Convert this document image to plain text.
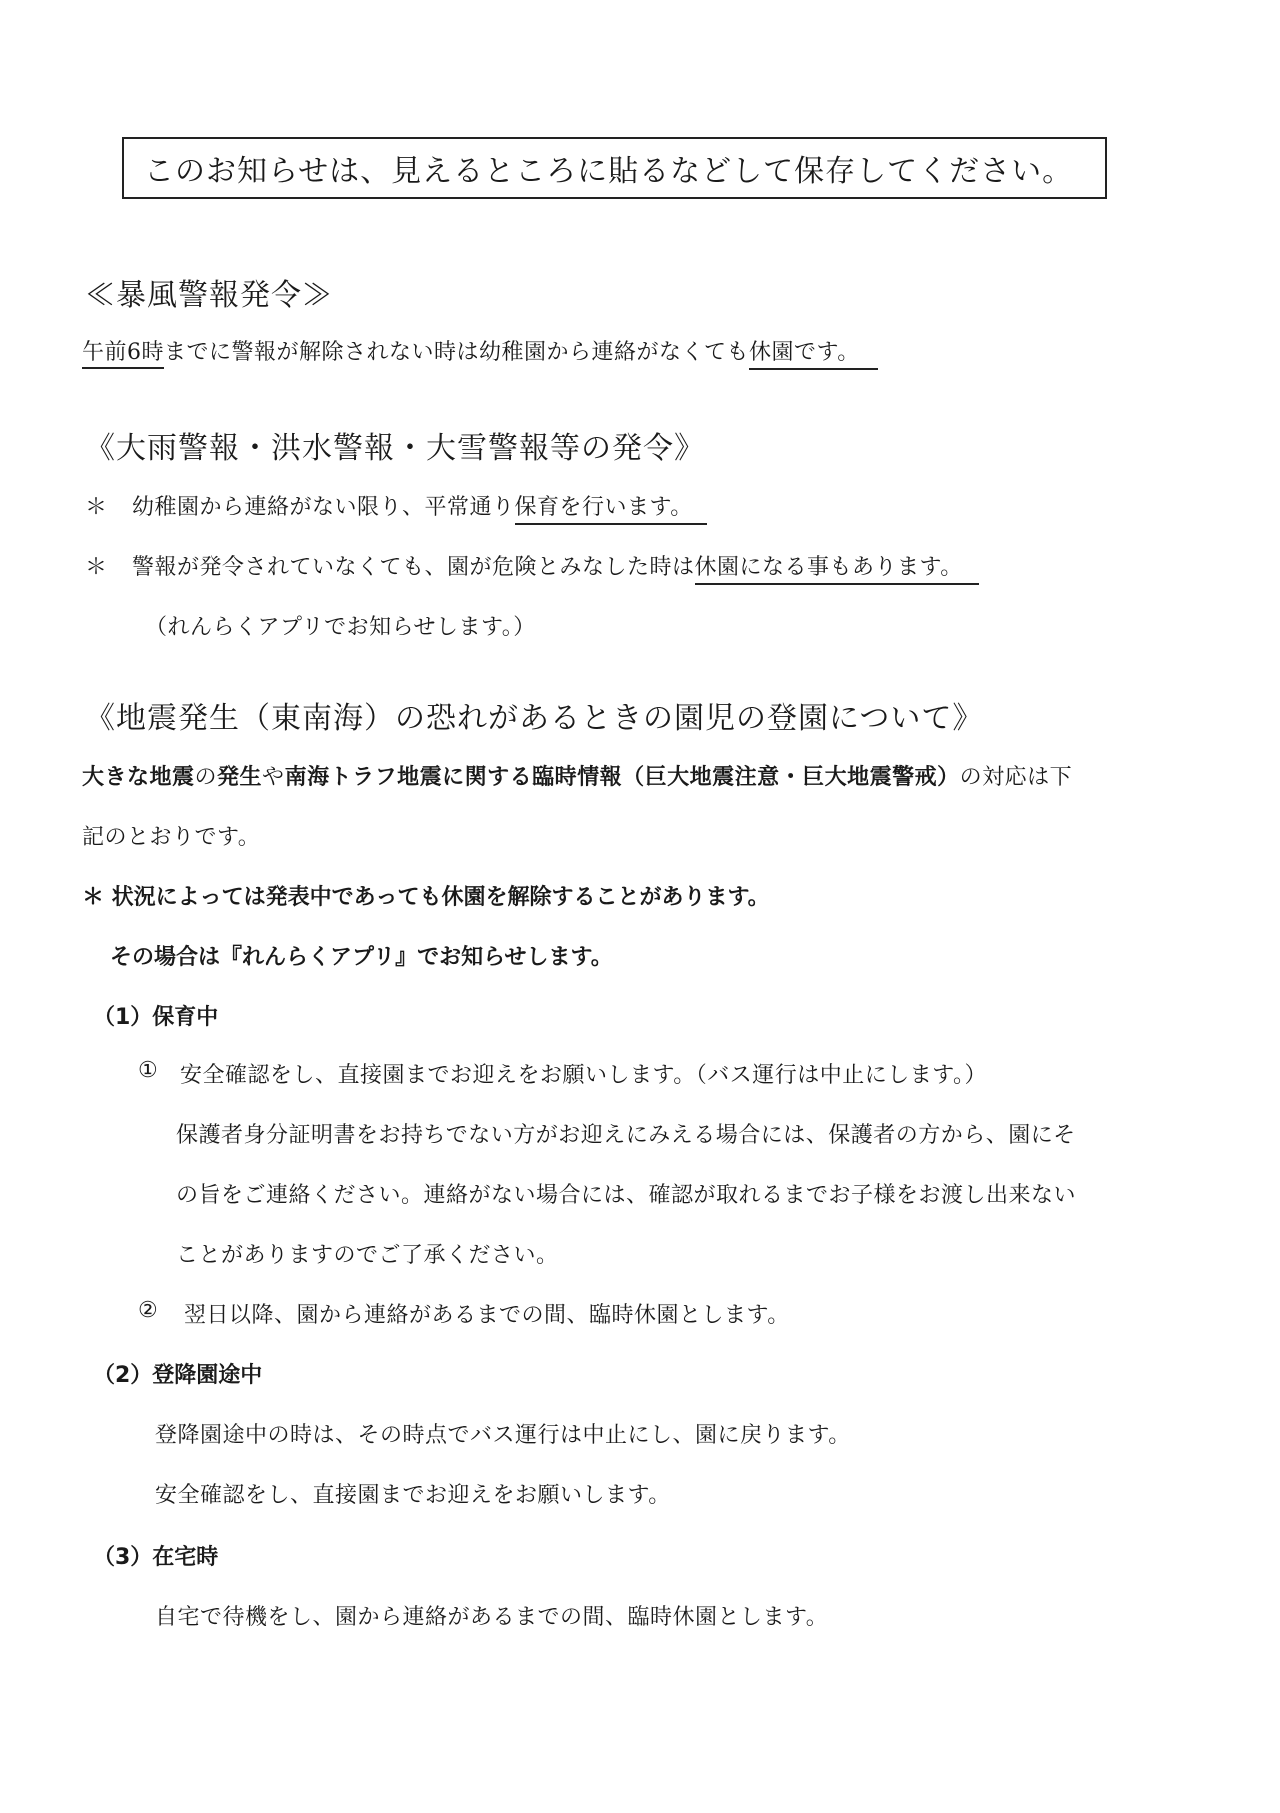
このお知らせは、見えるところに貼るなどして保存してください。
≪暴風警報発令≫
午前6時までに警報が解除されない時は幼稚園から連絡がなくても休園です。
《大雨警報・洪水警報・大雪警報等の発令》
＊ 幼稚園から連絡がない限り、平常通り保育を行います。
＊ 警報が発令されていなくても、園が危険とみなした時は休園になる事もあります。
（れんらくアプリでお知らせします。）
《地震発生（東南海）の恐れがあるときの園児の登園について》
大きな地震の発生や南海トラフ地震に関する臨時情報（巨大地震注意・巨大地震警戒）の対応は下
記のとおりです。
＊ 状況によっては発表中であっても休園を解除することがあります。
その場合は『れんらくアプリ』でお知らせします。
（1）保育中
① 安全確認をし、直接園までお迎えをお願いします。（バス運行は中止にします。）
保護者身分証明書をお持ちでない方がお迎えにみえる場合には、保護者の方から、園にそ
の旨をご連絡ください。連絡がない場合には、確認が取れるまでお子様をお渡し出来ない
ことがありますのでご了承ください。
② 翌日以降、園から連絡があるまでの間、臨時休園とします。
（2）登降園途中
登降園途中の時は、その時点でバス運行は中止にし、園に戻ります。
安全確認をし、直接園までお迎えをお願いします。
（3）在宅時
自宅で待機をし、園から連絡があるまでの間、臨時休園とします。
